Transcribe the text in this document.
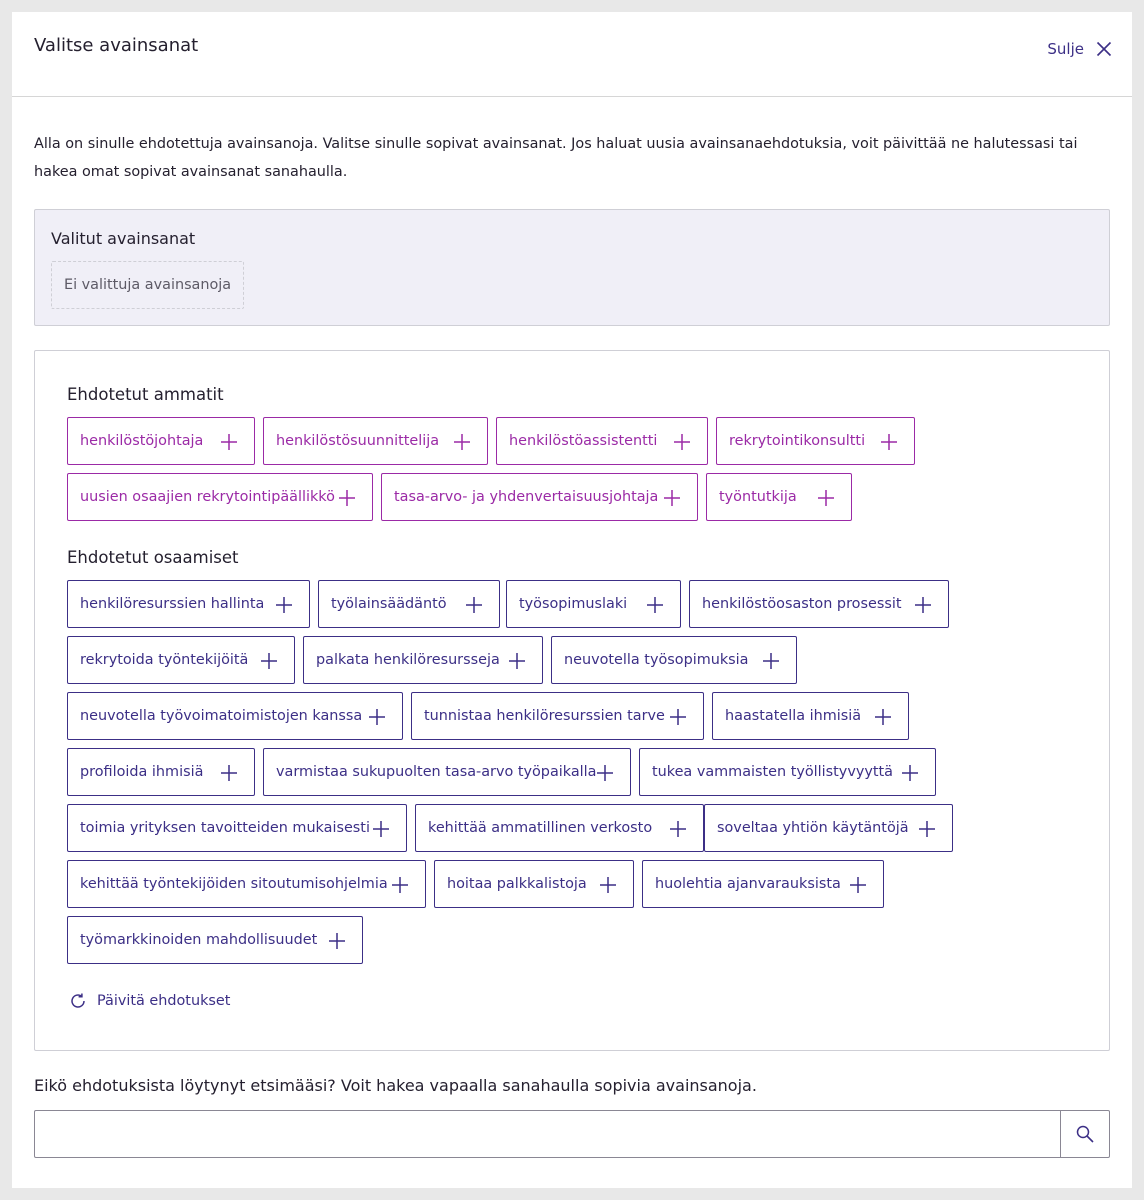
Valitse avainsanat	Sulje

Alla on sinulle ehdotettuja avainsanoja. Valitse sinulle sopivat avainsanat. Jos haluat uusia avainsanaehdotuksia, voit päivittää ne halutessasi tai hakea omat sopivat avainsanat sanahaulla.

Valitut avainsanat
Ei valittuja avainsanoja
Ehdotetut ammatit
henkilöstöjohtaja	henkilöstösuunnittelija	henkilöstöassistentti	rekrytointikonsultti
uusien osaajien rekrytointipäällikkö	tasa-arvo- ja yhdenvertaisuusjohtaja	työntutkija
Ehdotetut osaamiset
henkilöresurssien hallinta	työlainsäädäntö	työsopimuslaki	henkilöstöosaston prosessit
rekrytoida työntekijöitä	palkata henkilöresursseja	neuvotella työsopimuksia
neuvotella työvoimatoimistojen kanssa	tunnistaa henkilöresurssien tarve	haastatella ihmisiä
profiloida ihmisiä	varmistaa sukupuolten tasa-arvo työpaikalla	tukea vammaisten työllistyvyyttä
toimia yrityksen tavoitteiden mukaisesti	kehittää ammatillinen verkosto	soveltaa yhtiön käytäntöjä
kehittää työntekijöiden sitoutumisohjelmia	hoitaa palkkalistoja	huolehtia ajanvarauksista
työmarkkinoiden mahdollisuudet
Päivitä ehdotukset
Eikö ehdotuksista löytynyt etsimääsi? Voit hakea vapaalla sanahaulla sopivia avainsanoja.
